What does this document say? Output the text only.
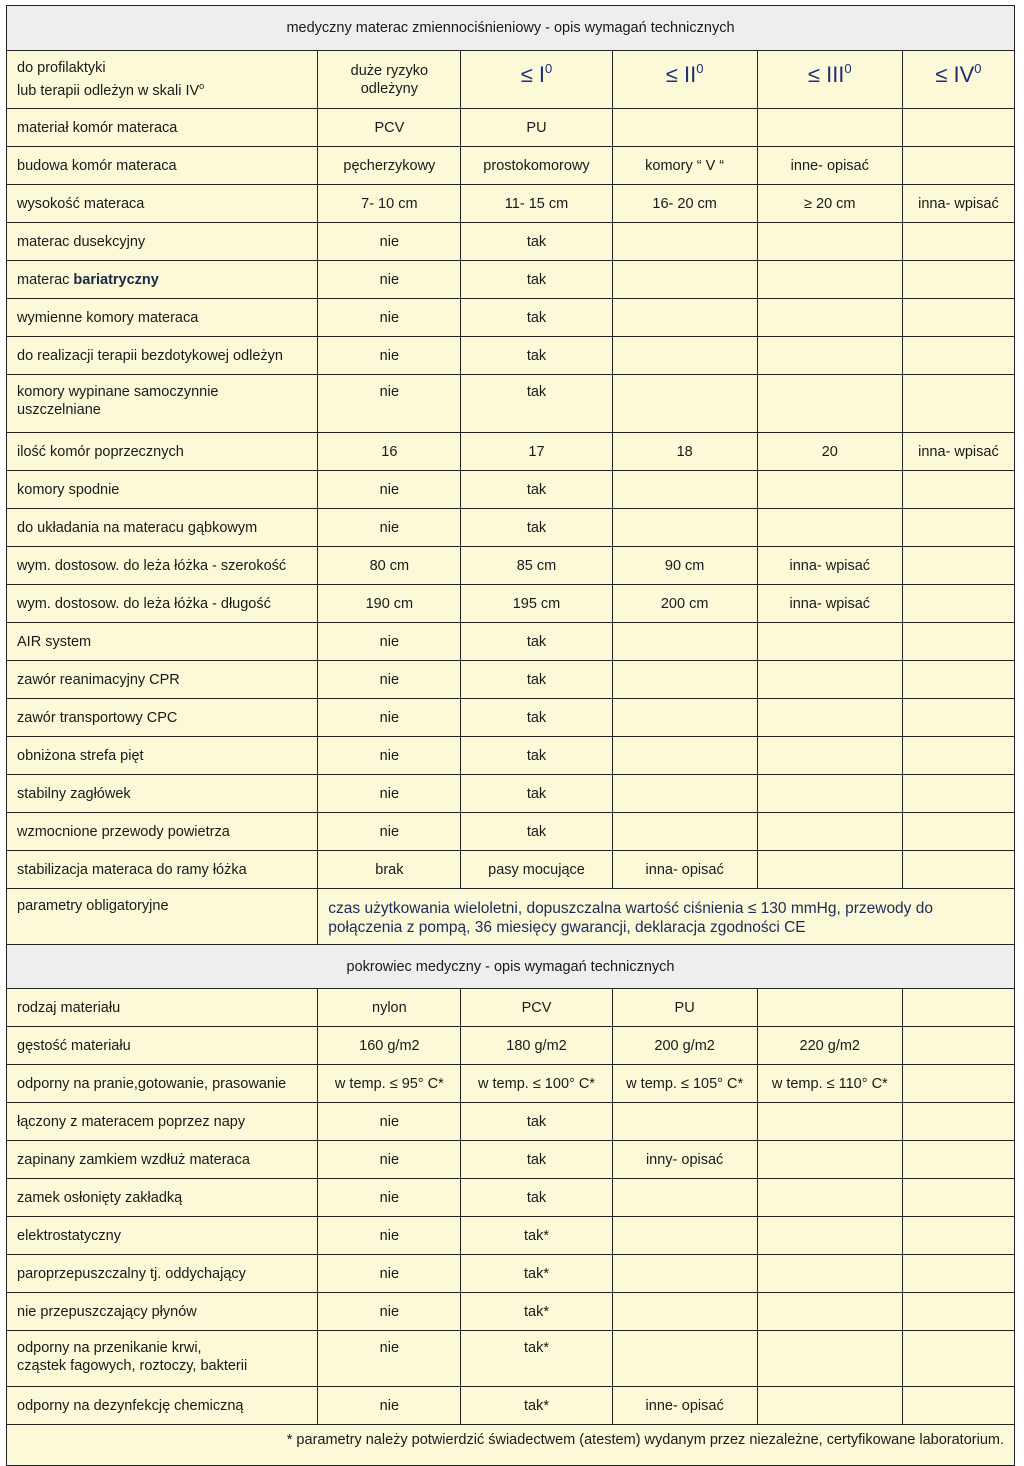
medyczny materac zmiennociśnieniowy - opis wymagań technicznych					
do profilaktyki
lub terapii odleżyn w skali $IV^o$	duże ryzyko
odleżyny	≤ $I^0$	≤ $II^0$	≤ $III^0$	≤ $IV^0$
materiał komór materaca	PCV	PU			
budowa komór materaca	pęcherzykowy	prostokomorowy	komory “ V “	inne- opisać	
wysokość materaca	7- 10 cm	11- 15 cm	16- 20 cm	≥ 20 cm	inna- wpisać
materac dusekcyjny	nie	tak			
materac bariatryczny	nie	tak			
wymienne komory materaca	nie	tak			
do realizacji terapii bezdotykowej odleżyn	nie	tak			
komory wypinane samoczynnie
uszczelniane	nie	tak			
ilość komór poprzecznych	16	17	18	20	inna- wpisać
komory spodnie	nie	tak			
do układania na materacu gąbkowym	nie	tak			
wym. dostosow. do leża łóżka - szerokość	80 cm	85 cm	90 cm	inna- wpisać	
wym. dostosow. do leża łóżka - długość	190 cm	195 cm	200 cm	inna- wpisać	
AIR system	nie	tak			
zawór reanimacyjny CPR	nie	tak			
zawór transportowy CPC	nie	tak			
obniżona strefa pięt	nie	tak			
stabilny zagłówek	nie	tak			
wzmocnione przewody powietrza	nie	tak			
stabilizacja materaca do ramy łóżka	brak	pasy mocujące	inna- opisać		
parametry obligatoryjne	czas użytkowania wieloletni, dopuszczalna wartość ciśnienia ≤ 130 mmHg, przewody do
połączenia z pompą, 36 miesięcy gwarancji, deklaracja zgodności CE				
pokrowiec medyczny - opis wymagań technicznych					
rodzaj materiału	nylon	PCV	PU		
gęstość materiału	160 g/m2	180 g/m2	200 g/m2	220 g/m2	
odporny na pranie,gotowanie, prasowanie	w temp. ≤ 95° C*	w temp. ≤ 100° C*	w temp. ≤ 105° C*	w temp. ≤ 110° C*	
łączony z materacem poprzez napy	nie	tak			
zapinany zamkiem wzdłuż materaca	nie	tak	inny- opisać		
zamek osłonięty zakładką	nie	tak			
elektrostatyczny	nie	tak*			
paroprzepuszczalny tj. oddychający	nie	tak*			
nie przepuszczający płynów	nie	tak*			
odporny na przenikanie krwi,
cząstek fagowych, roztoczy, bakterii	nie	tak*			
odporny na dezynfekcję chemiczną	nie	tak*	inne- opisać		
* parametry należy potwierdzić świadectwem (atestem) wydanym przez niezależne, certyfikowane laboratorium.					
